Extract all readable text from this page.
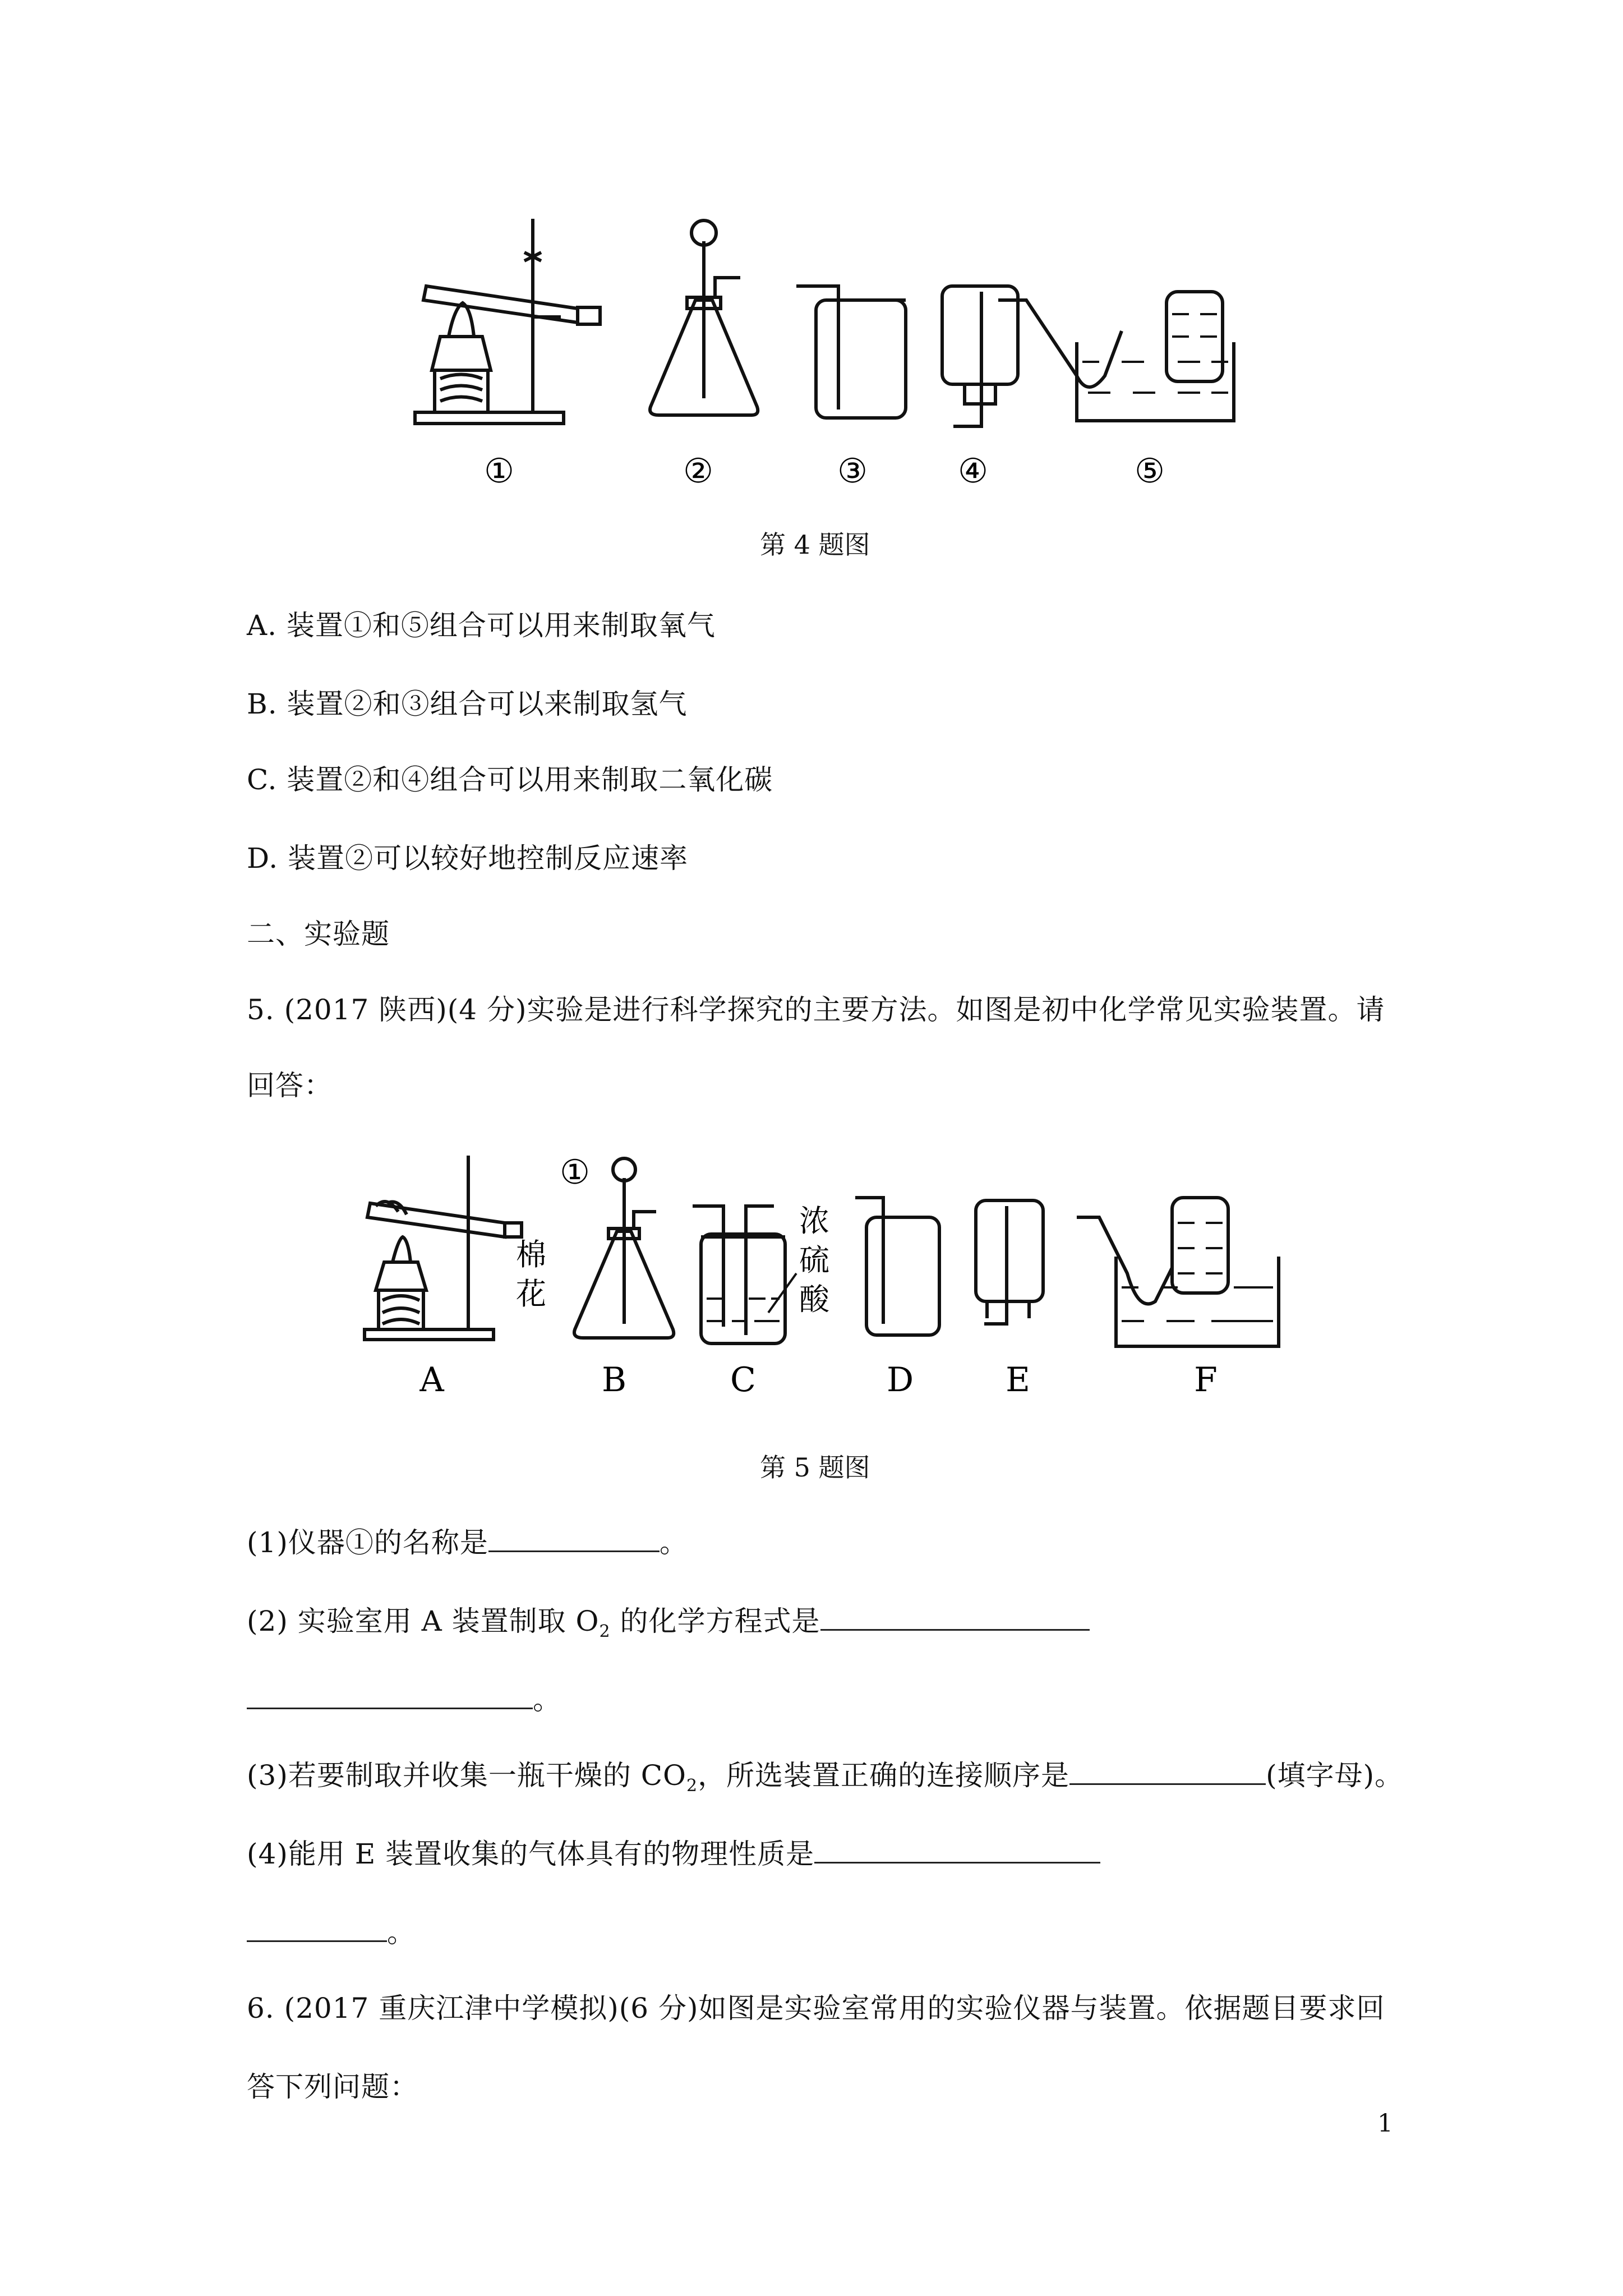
①	②	③	④	⑤
第 4 题图
A. 装置①和⑤组合可以用来制取氧气
B. 装置②和③组合可以来制取氢气
C. 装置②和④组合可以用来制取二氧化碳
D. 装置②可以较好地控制反应速率
二、实验题
5. (2017 陕西)(4 分)实验是进行科学探究的主要方法。如图是初中化学常见实验装置。请
回答：
①
棉
花
浓
硫
酸
A	B	C	D	E	F
第 5 题图
(1)仪器①的名称是	。
(2) 实验室用 A 装置制取 $O_2$ 的化学方程式是
。
(3)若要制取并收集一瓶干燥的 $CO_2$，所选装置正确的连接顺序是	(填字母)。
(4)能用 E 装置收集的气体具有的物理性质是
。
6. (2017 重庆江津中学模拟)(6 分)如图是实验室常用的实验仪器与装置。依据题目要求回
答下列问题：
1
